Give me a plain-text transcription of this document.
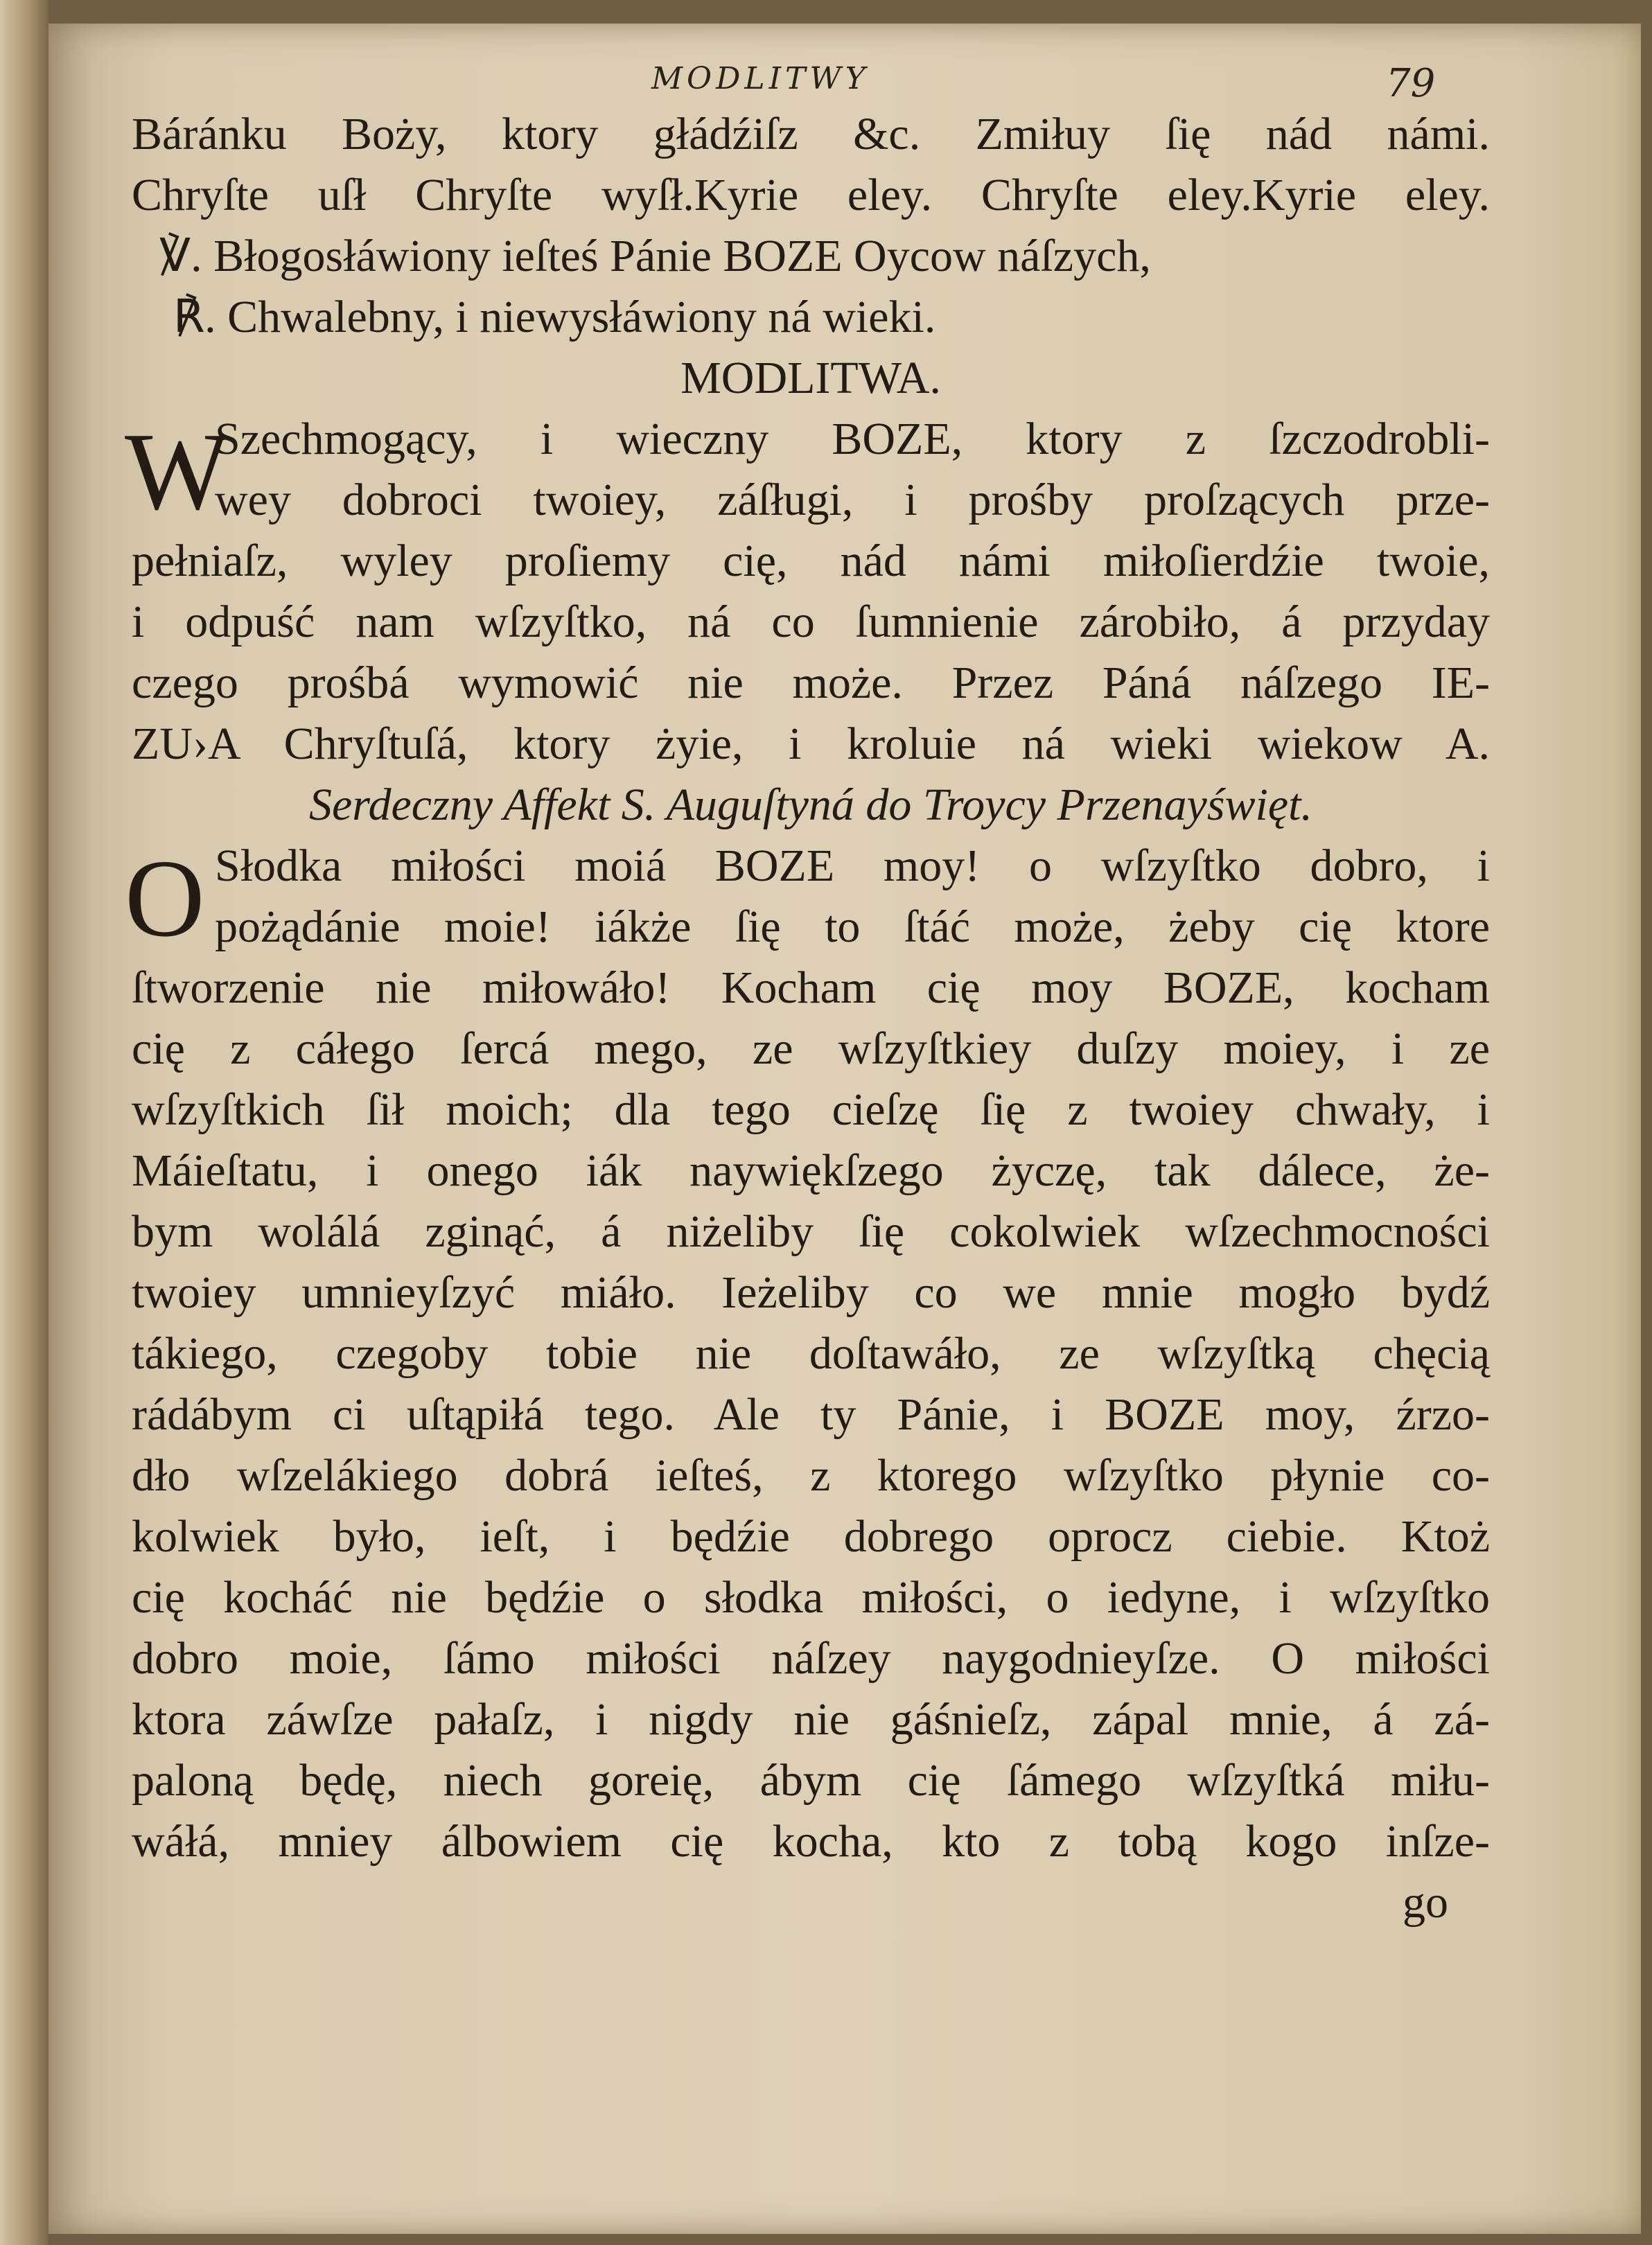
MODLITWY	79
Báránku Boży, ktory głádźiſz &c. Zmiłuy ſię nád námi.
Chryſte uſł Chryſte wyſł.Kyrie eley. Chryſte eley.Kyrie eley.
℣. Błogosłáwiony ieſteś Pánie BOZE Oycow náſzych,
℟. Chwalebny, i niewysłáwiony ná wieki.
MODLITWA.
W
Szechmogący, i wieczny BOZE, ktory z ſzczodrobli-
wey dobroci twoiey, záſługi, i prośby proſzących prze-
pełniaſz, wyley proſiemy cię, nád námi miłoſierdźie twoie,
i odpuść nam wſzyſtko, ná co ſumnienie zárobiło, á przyday
czego prośbá wymowić nie może. Przez Páná náſzego IE-
ZU›A Chryſtuſá, ktory żyie, i kroluie ná wieki wiekow A.
Serdeczny Affekt S. Auguſtyná do Troycy Przenayświęt.
O Słodka miłości moiá BOZE moy! o wſzyſtko dobro, i
pożądánie moie! iákże ſię to ſtáć może, żeby cię ktore
ſtworzenie nie miłowáło! Kocham cię moy BOZE, kocham
cię z cáłego ſercá mego, ze wſzyſtkiey duſzy moiey, i ze
wſzyſtkich ſił moich; dla tego cieſzę ſię z twoiey chwały, i
Máieſtatu, i onego iák naywiękſzego życzę, tak dálece, że-
bym wolálá zginąć, á niżeliby ſię cokolwiek wſzechmocności
twoiey umnieyſzyć miáło. Ieżeliby co we mnie mogło bydź
tákiego, czegoby tobie nie doſtawáło, ze wſzyſtką chęcią
rádábym ci uſtąpiłá tego. Ale ty Pánie, i BOZE moy, źrzo-
dło wſzelákiego dobrá ieſteś, z ktorego wſzyſtko płynie co-
kolwiek było, ieſt, i będźie dobrego oprocz ciebie. Ktoż
cię kocháć nie będźie o słodka miłości, o iedyne, i wſzyſtko
dobro moie, ſámo miłości náſzey naygodnieyſze. O miłości
ktora záwſze pałaſz, i nigdy nie gáśnieſz, zápal mnie, á zá-
paloną będę, niech goreię, ábym cię ſámego wſzyſtká miłu-
wáłá, mniey álbowiem cię kocha, kto z tobą kogo inſze-
go
